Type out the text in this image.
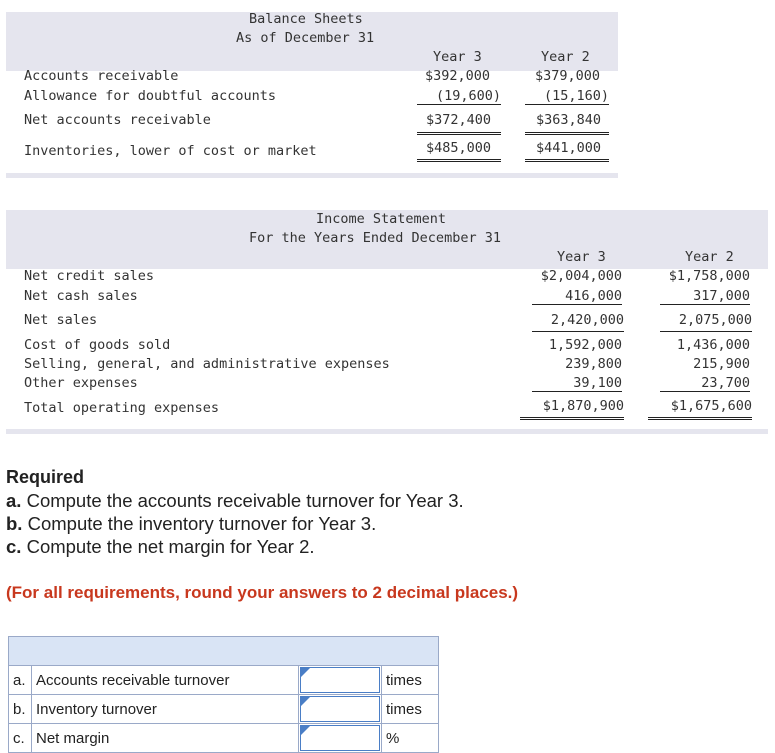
Balance Sheets
As of December 31
Year 3	Year 2
Accounts receivable	$392,000	$379,000
Allowance for doubtful accounts	(19,600)	(15,160)
Net accounts receivable	$372,400	$363,840
Inventories, lower of cost or market	$485,000	$441,000
Income Statement
For the Years Ended December 31
Year 3	Year 2
Net credit sales	$2,004,000	$1,758,000
Net cash sales	416,000	317,000
Net sales	2,420,000	2,075,000
Cost of goods sold	1,592,000	1,436,000
Selling, general, and administrative expenses	239,800	215,900
Other expenses	39,100	23,700
Total operating expenses	$1,870,900	$1,675,600
Required
a. Compute the accounts receivable turnover for Year 3.
b. Compute the inventory turnover for Year 3.
c. Compute the net margin for Year 2.
(For all requirements, round your answers to 2 decimal places.)

a.	Accounts receivable turnover		times
b.	Inventory turnover		times
c.	Net margin		%
